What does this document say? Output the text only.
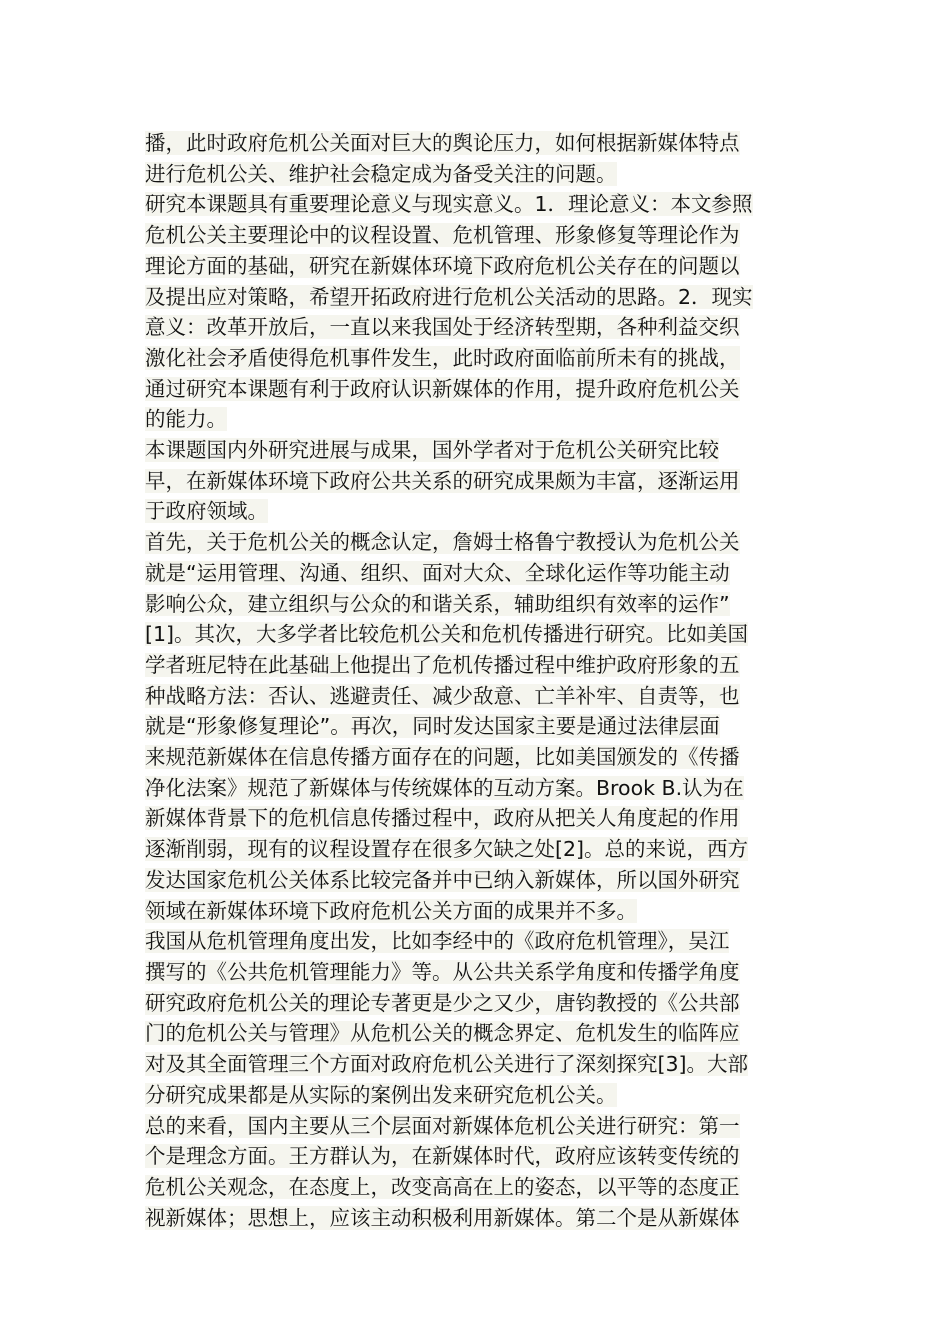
播，此时政府危机公关面对巨大的舆论压力，如何根据新媒体特点
进行危机公关、维护社会稳定成为备受关注的问题。

研究本课题具有重要理论意义与现实意义。1．理论意义：本文参照
危机公关主要理论中的议程设置、危机管理、形象修复等理论作为
理论方面的基础，研究在新媒体环境下政府危机公关存在的问题以
及提出应对策略，希望开拓政府进行危机公关活动的思路。2．现实
意义：改革开放后，一直以来我国处于经济转型期，各种利益交织
激化社会矛盾使得危机事件发生，此时政府面临前所未有的挑战，
通过研究本课题有利于政府认识新媒体的作用，提升政府危机公关
的能力。

本课题国内外研究进展与成果，国外学者对于危机公关研究比较
早，在新媒体环境下政府公共关系的研究成果颇为丰富，逐渐运用
于政府领域。

首先，关于危机公关的概念认定，詹姆士格鲁宁教授认为危机公关
就是“运用管理、沟通、组织、面对大众、全球化运作等功能主动
影响公众，建立组织与公众的和谐关系，辅助组织有效率的运作”
[1]。其次，大多学者比较危机公关和危机传播进行研究。比如美国
学者班尼特在此基础上他提出了危机传播过程中维护政府形象的五
种战略方法：否认、逃避责任、减少敌意、亡羊补牢、自责等，也
就是“形象修复理论”。再次，同时发达国家主要是通过法律层面
来规范新媒体在信息传播方面存在的问题，比如美国颁发的《传播
净化法案》规范了新媒体与传统媒体的互动方案。Brook B.认为在
新媒体背景下的危机信息传播过程中，政府从把关人角度起的作用
逐渐削弱，现有的议程设置存在很多欠缺之处[2]。总的来说，西方
发达国家危机公关体系比较完备并中已纳入新媒体，所以国外研究
领域在新媒体环境下政府危机公关方面的成果并不多。

我国从危机管理角度出发，比如李经中的《政府危机管理》，吴江
撰写的《公共危机管理能力》等。从公共关系学角度和传播学角度
研究政府危机公关的理论专著更是少之又少，唐钧教授的《公共部
门的危机公关与管理》从危机公关的概念界定、危机发生的临阵应
对及其全面管理三个方面对政府危机公关进行了深刻探究[3]。大部
分研究成果都是从实际的案例出发来研究危机公关。

总的来看，国内主要从三个层面对新媒体危机公关进行研究：第一
个是理念方面。王方群认为，在新媒体时代，政府应该转变传统的
危机公关观念，在态度上，改变高高在上的姿态，以平等的态度正
视新媒体；思想上，应该主动积极利用新媒体。第二个是从新媒体
